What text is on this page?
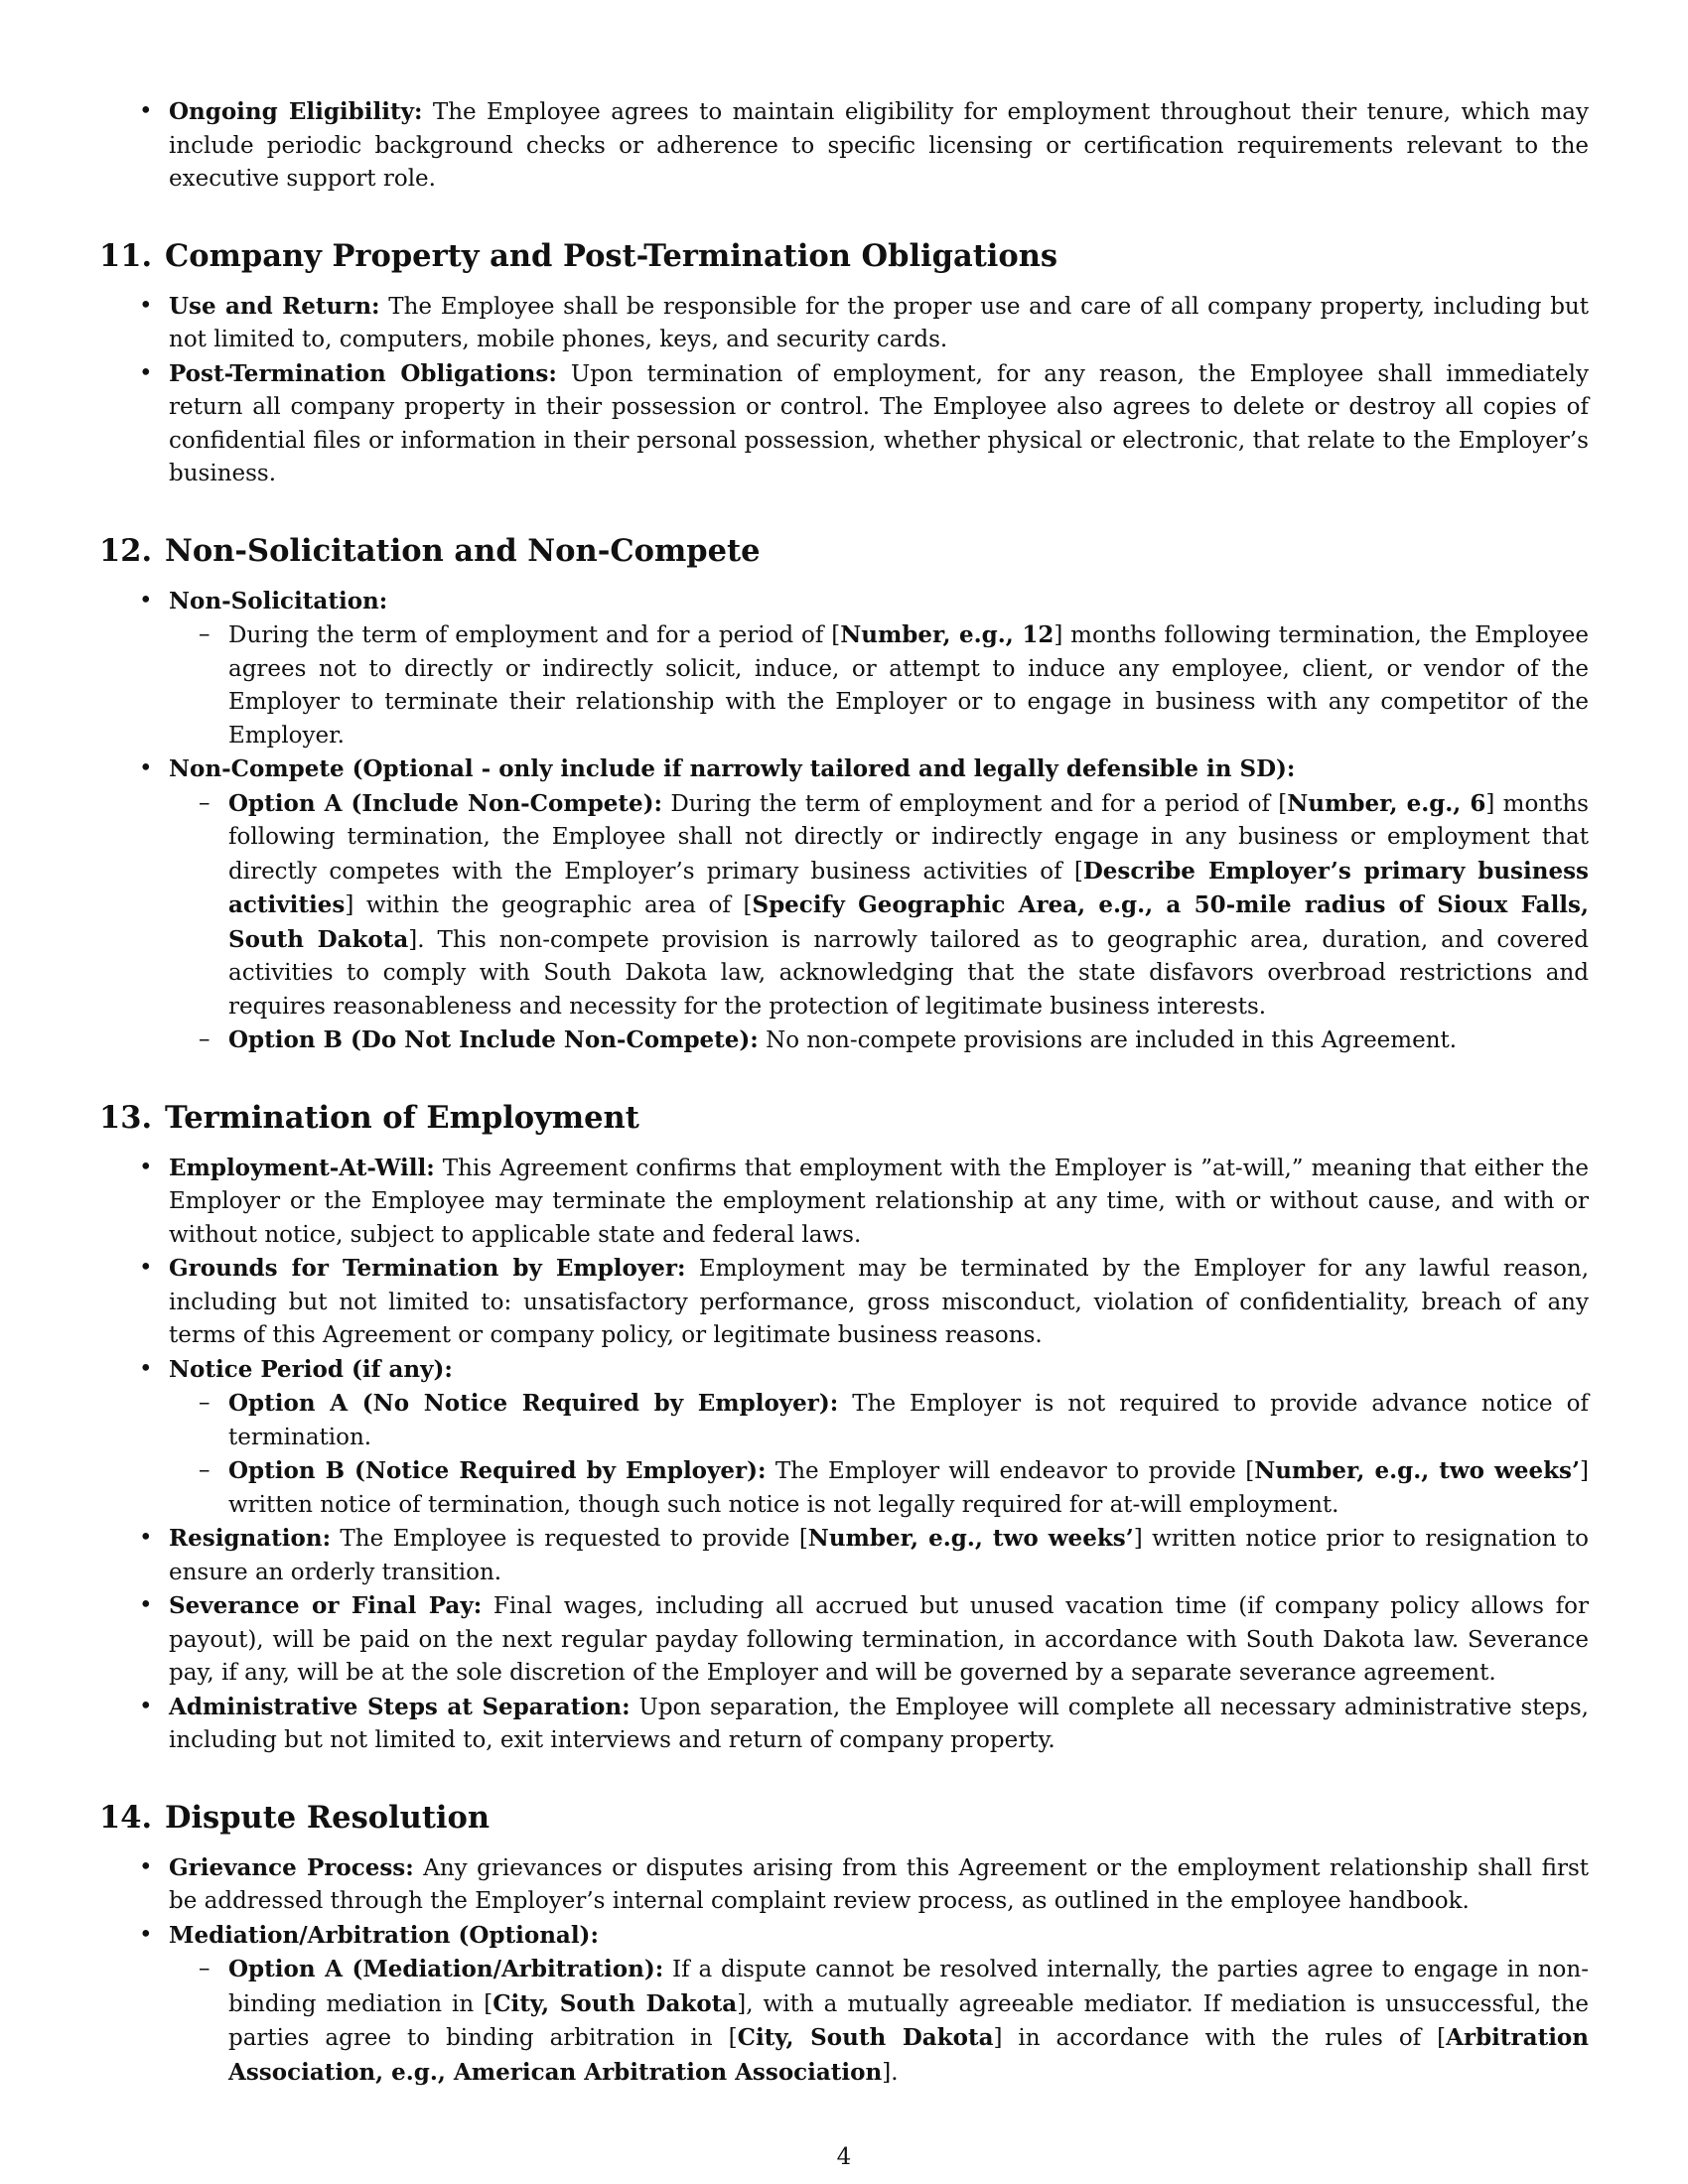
• Ongoing Eligibility: The Employee agrees to maintain eligibility for employment throughout their tenure, which may include periodic background checks or adherence to specific licensing or certification requirements relevant to the executive support role.
11. Company Property and Post-Termination Obligations
• Use and Return: The Employee shall be responsible for the proper use and care of all company property, including but not limited to, computers, mobile phones, keys, and security cards.
• Post-Termination Obligations: Upon termination of employment, for any reason, the Employee shall immediately return all company property in their possession or control. The Employee also agrees to delete or destroy all copies of confidential files or information in their personal possession, whether physical or electronic, that relate to the Employer’s business.
12. Non-Solicitation and Non-Compete
• Non-Solicitation:
– During the term of employment and for a period of [Number, e.g., 12] months following termination, the Employee agrees not to directly or indirectly solicit, induce, or attempt to induce any employee, client, or vendor of the Employer to terminate their relationship with the Employer or to engage in business with any competitor of the Employer.
• Non-Compete (Optional - only include if narrowly tailored and legally defensible in SD):
– Option A (Include Non-Compete): During the term of employment and for a period of [Number, e.g., 6] months following termination, the Employee shall not directly or indirectly engage in any business or employment that directly competes with the Employer’s primary business activities of [Describe Employer’s primary business activities] within the geographic area of [Specify Geographic Area, e.g., a 50-mile radius of Sioux Falls, South Dakota]. This non-compete provision is narrowly tailored as to geographic area, duration, and covered activities to comply with South Dakota law, acknowledging that the state disfavors overbroad restrictions and requires reasonableness and necessity for the protection of legitimate business interests.
– Option B (Do Not Include Non-Compete): No non-compete provisions are included in this Agreement.
13. Termination of Employment
• Employment-At-Will: This Agreement confirms that employment with the Employer is ”at-will,” meaning that either the Employer or the Employee may terminate the employment relationship at any time, with or without cause, and with or without notice, subject to applicable state and federal laws.
• Grounds for Termination by Employer: Employment may be terminated by the Employer for any lawful reason, including but not limited to: unsatisfactory performance, gross misconduct, violation of confidentiality, breach of any terms of this Agreement or company policy, or legitimate business reasons.
• Notice Period (if any):
– Option A (No Notice Required by Employer): The Employer is not required to provide advance notice of termination.
– Option B (Notice Required by Employer): The Employer will endeavor to provide [Number, e.g., two weeks’] written notice of termination, though such notice is not legally required for at-will employment.
• Resignation: The Employee is requested to provide [Number, e.g., two weeks’] written notice prior to resignation to ensure an orderly transition.
• Severance or Final Pay: Final wages, including all accrued but unused vacation time (if company policy allows for payout), will be paid on the next regular payday following termination, in accordance with South Dakota law. Severance pay, if any, will be at the sole discretion of the Employer and will be governed by a separate severance agreement.
• Administrative Steps at Separation: Upon separation, the Employee will complete all necessary administrative steps, including but not limited to, exit interviews and return of company property.
14. Dispute Resolution
• Grievance Process: Any grievances or disputes arising from this Agreement or the employment relationship shall first be addressed through the Employer’s internal complaint review process, as outlined in the employee handbook.
• Mediation/Arbitration (Optional):
– Option A (Mediation/Arbitration): If a dispute cannot be resolved internally, the parties agree to engage in non-binding mediation in [City, South Dakota], with a mutually agreeable mediator. If mediation is unsuccessful, the parties agree to binding arbitration in [City, South Dakota] in accordance with the rules of [Arbitration Association, e.g., American Arbitration Association].
4
